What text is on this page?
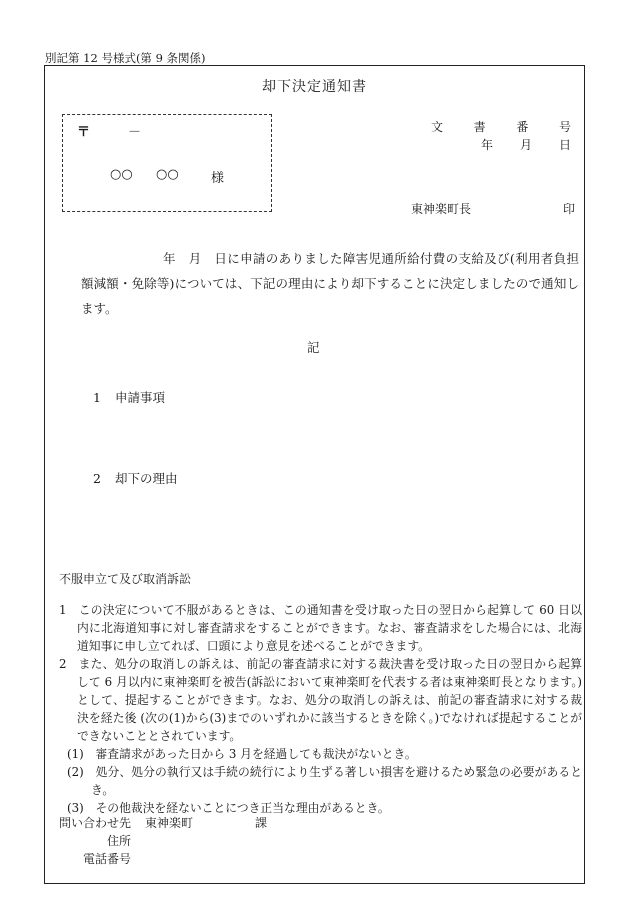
別記第 12 号様式(第 9 条関係)
却下決定通知書
〒	－
○○ ○○ 様
文	書	番	号
年 月 日
東神楽町長	印

年　月　日に申請のありました障害児通所給付費の支給及び(利用者負担額減額・免除等)については、下記の理由により却下することに決定しましたので通知します。

記
1 申請事項
2 却下の理由
不服申立て及び取消訴訟

1　この決定について不服があるときは、この通知書を受け取った日の翌日から起算して 60 日以内に北海道知事に対し審査請求をすることができます。なお、審査請求をした場合には、北海道知事に申し立てれば、口頭により意見を述べることができます。

2　また、処分の取消しの訴えは、前記の審査請求に対する裁決書を受け取った日の翌日から起算して 6 月以内に東神楽町を被告(訴訟において東神楽町を代表する者は東神楽町長となります。)として、提起することができます。なお、処分の取消しの訴えは、前記の審査請求に対する裁決を経た後 (次の(1)から(3)までのいずれかに該当するときを除く。)でなければ提起することができないこととされています。

(1)　審査請求があった日から 3 月を経過しても裁決がないとき。

(2)　処分、処分の執行又は手続の続行により生ずる著しい損害を避けるため緊急の必要があるとき。

(3)　その他裁決を経ないことにつき正当な理由があるとき。

問い合わせ先	東神楽町	課
住所
電話番号
